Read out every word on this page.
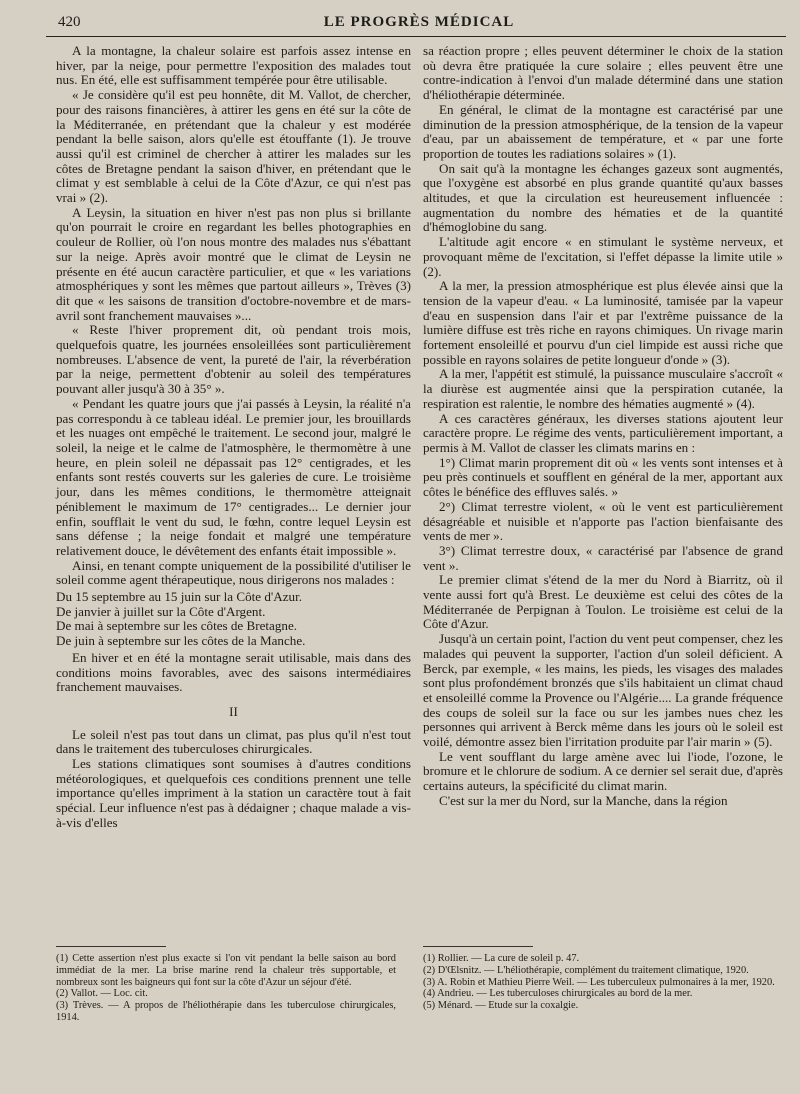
420	LE PROGRÈS MÉDICAL

A la montagne, la chaleur solaire est parfois assez intense en hiver, par la neige, pour permettre l'exposition des malades tout nus. En été, elle est suffisamment tempérée pour être utilisable.

« Je considère qu'il est peu honnête, dit M. Vallot, de chercher, pour des raisons financières, à attirer les gens en été sur la côte de la Méditerranée, en prétendant que la chaleur y est modérée pendant la belle saison, alors qu'elle est étouffante (1). Je trouve aussi qu'il est criminel de chercher à attirer les malades sur les côtes de Bretagne pendant la saison d'hiver, en prétendant que le climat y est semblable à celui de la Côte d'Azur, ce qui n'est pas vrai » (2).

A Leysin, la situation en hiver n'est pas non plus si brillante qu'on pourrait le croire en regardant les belles photographies en couleur de Rollier, où l'on nous montre des malades nus s'ébattant sur la neige. Après avoir montré que le climat de Leysin ne présente en été aucun caractère particulier, et que « les variations atmosphériques y sont les mêmes que partout ailleurs », Trèves (3) dit que « les saisons de transition d'octobre-novembre et de mars-avril sont franchement mauvaises »...

« Reste l'hiver proprement dit, où pendant trois mois, quelquefois quatre, les journées ensoleillées sont particulièrement nombreuses. L'absence de vent, la pureté de l'air, la réverbération par la neige, permettent d'obtenir au soleil des températures pouvant aller jusqu'à 30 à 35° ».

« Pendant les quatre jours que j'ai passés à Leysin, la réalité n'a pas correspondu à ce tableau idéal. Le premier jour, les brouillards et les nuages ont empêché le traitement. Le second jour, malgré le soleil, la neige et le calme de l'atmosphère, le thermomètre à une heure, en plein soleil ne dépassait pas 12° centigrades, et les enfants sont restés couverts sur les galeries de cure. Le troisième jour, dans les mêmes conditions, le thermomètre atteignait péniblement le maximum de 17° centigrades... Le dernier jour enfin, soufflait le vent du sud, le fœhn, contre lequel Leysin est sans défense ; la neige fondait et malgré une température relativement douce, le dévêtement des enfants était impossible ».

Ainsi, en tenant compte uniquement de la possibilité d'utiliser le soleil comme agent thérapeutique, nous dirigerons nos malades :

Du 15 septembre au 15 juin sur la Côte d'Azur.
De janvier à juillet sur la Côte d'Argent.
De mai à septembre sur les côtes de Bretagne.
De juin à septembre sur les côtes de la Manche.

En hiver et en été la montagne serait utilisable, mais dans des conditions moins favorables, avec des saisons intermédiaires franchement mauvaises.

II

Le soleil n'est pas tout dans un climat, pas plus qu'il n'est tout dans le traitement des tuberculoses chirurgicales.

Les stations climatiques sont soumises à d'autres conditions météorologiques, et quelquefois ces conditions prennent une telle importance qu'elles impriment à la station un caractère tout à fait spécial. Leur influence n'est pas à dédaigner ; chaque malade a vis-à-vis d'elles

sa réaction propre ; elles peuvent déterminer le choix de la station où devra être pratiquée la cure solaire ; elles peuvent être une contre-indication à l'envoi d'un malade déterminé dans une station d'héliothérapie déterminée.

En général, le climat de la montagne est caractérisé par une diminution de la pression atmosphérique, de la tension de la vapeur d'eau, par un abaissement de température, et « par une forte proportion de toutes les radiations solaires » (1).

On sait qu'à la montagne les échanges gazeux sont augmentés, que l'oxygène est absorbé en plus grande quantité qu'aux basses altitudes, et que la circulation est heureusement influencée : augmentation du nombre des hématies et de la quantité d'hémoglobine du sang.

L'altitude agit encore « en stimulant le système nerveux, et provoquant même de l'excitation, si l'effet dépasse la limite utile » (2).

A la mer, la pression atmosphérique est plus élevée ainsi que la tension de la vapeur d'eau. « La luminosité, tamisée par la vapeur d'eau en suspension dans l'air et par l'extrême puissance de la lumière diffuse est très riche en rayons chimiques. Un rivage marin fortement ensoleillé et pourvu d'un ciel limpide est aussi riche que possible en rayons solaires de petite longueur d'onde » (3).

A la mer, l'appétit est stimulé, la puissance musculaire s'accroît « la diurèse est augmentée ainsi que la perspiration cutanée, la respiration est ralentie, le nombre des hématies augmenté » (4).

A ces caractères généraux, les diverses stations ajoutent leur caractère propre. Le régime des vents, particulièrement important, a permis à M. Vallot de classer les climats marins en :

1°) Climat marin proprement dit où « les vents sont intenses et à peu près continuels et soufflent en général de la mer, apportant aux côtes le bénéfice des effluves salés. »

2°) Climat terrestre violent, « où le vent est particulièrement désagréable et nuisible et n'apporte pas l'action bienfaisante des vents de mer ».

3°) Climat terrestre doux, « caractérisé par l'absence de grand vent ».

Le premier climat s'étend de la mer du Nord à Biarritz, où il vente aussi fort qu'à Brest. Le deuxième est celui des côtes de la Méditerranée de Perpignan à Toulon. Le troisième est celui de la Côte d'Azur.

Jusqu'à un certain point, l'action du vent peut compenser, chez les malades qui peuvent la supporter, l'action d'un soleil déficient. A Berck, par exemple, « les mains, les pieds, les visages des malades sont plus profondément bronzés que s'ils habitaient un climat chaud et ensoleillé comme la Provence ou l'Algérie.... La grande fréquence des coups de soleil sur la face ou sur les jambes nues chez les personnes qui arrivent à Berck même dans les jours où le soleil est voilé, démontre assez bien l'irritation produite par l'air marin » (5).

Le vent soufflant du large amène avec lui l'iode, l'ozone, le bromure et le chlorure de sodium. A ce dernier sel serait due, d'après certains auteurs, la spécificité du climat marin.

C'est sur la mer du Nord, sur la Manche, dans la région

(1) Cette assertion n'est plus exacte si l'on vit pendant la belle saison au bord immédiat de la mer. La brise marine rend la chaleur très supportable, et nombreux sont les baigneurs qui font sur la côte d'Azur un séjour d'été.

(2) Vallot. — Loc. cit.

(3) Trèves. — A propos de l'héliothérapie dans les tuberculose chirurgicales, 1914.

(1) Rollier. — La cure de soleil p. 47.

(2) D'Œlsnitz. — L'héliothérapie, complément du traitement climatique, 1920.

(3) A. Robin et Mathieu Pierre Weil. — Les tuberculeux pulmonaires à la mer, 1920.

(4) Andrieu. — Les tuberculoses chirurgicales au bord de la mer.

(5) Ménard. — Etude sur la coxalgie.
